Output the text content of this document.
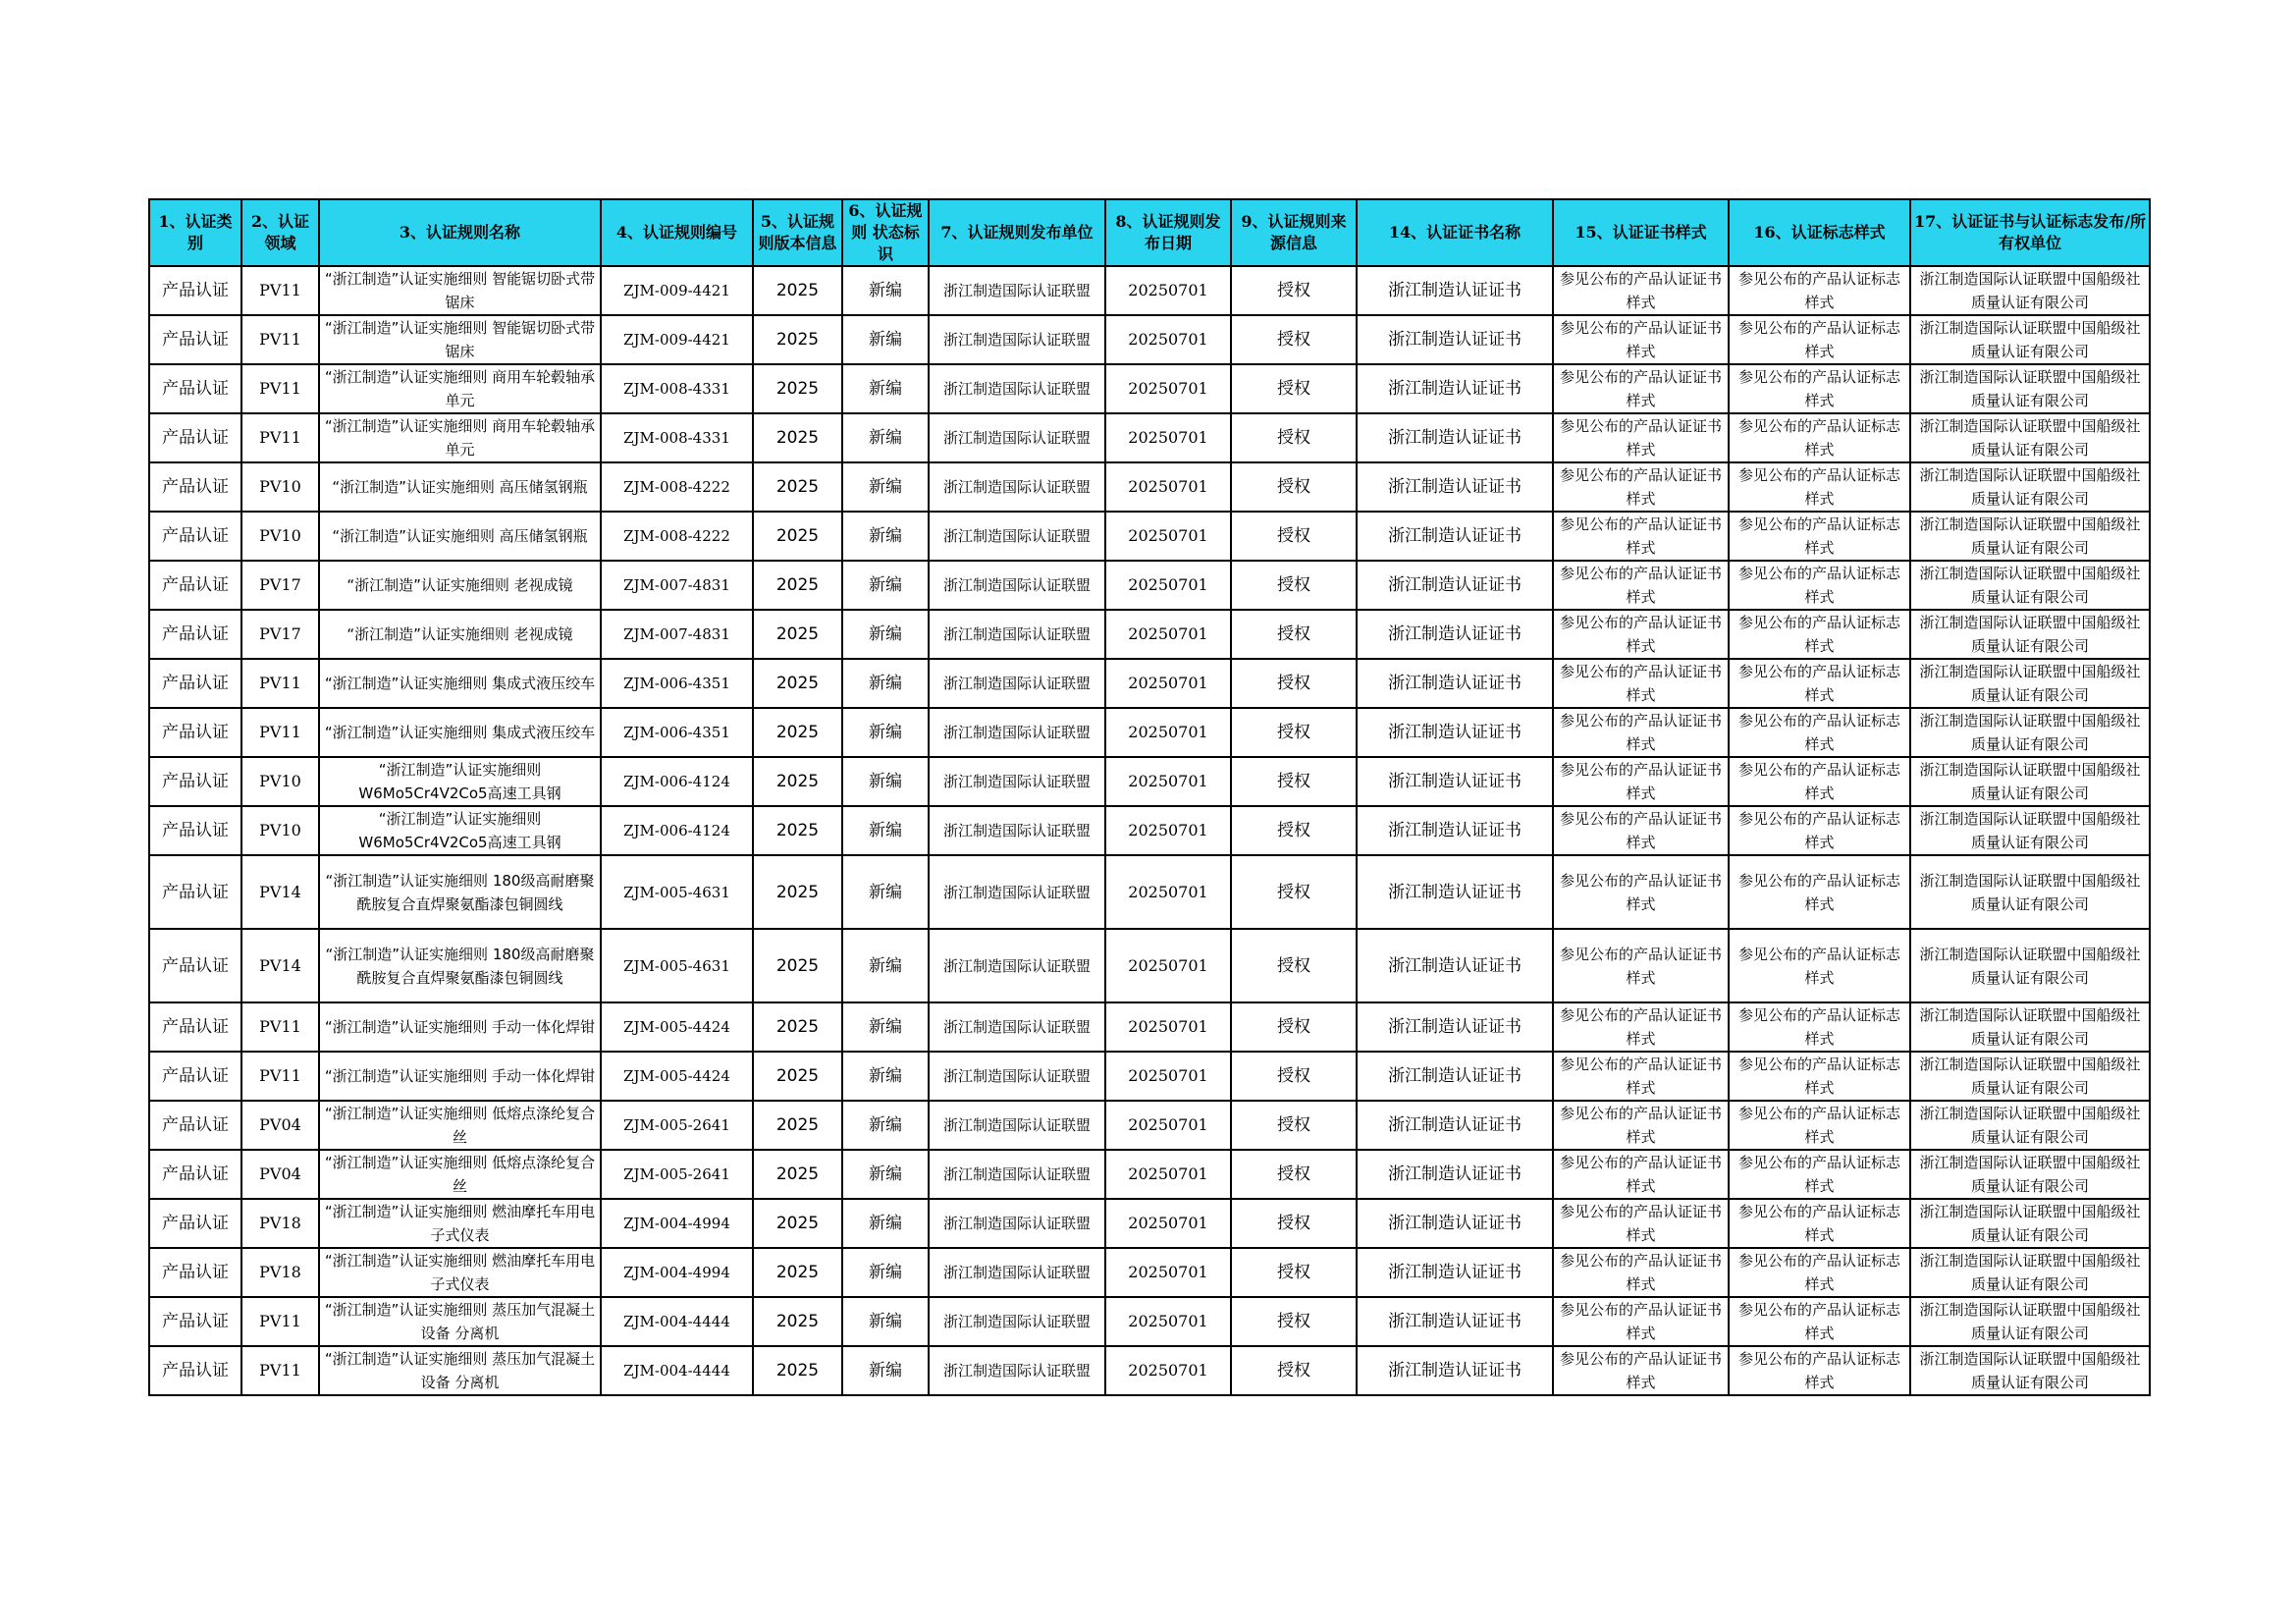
1、认证类别	2、认证领域	3、认证规则名称	4、认证规则编号	5、认证规则版本信息	6、认证规则 状态标识	7、认证规则发布单位	8、认证规则发布日期	9、认证规则来源信息	14、认证证书名称	15、认证证书样式	16、认证标志样式	17、认证证书与认证标志发布/所有权单位
产品认证	PV11	“浙江制造”认证实施细则 智能锯切卧式带锯床	ZJM-009-4421	2025	新编	浙江制造国际认证联盟	20250701	授权	浙江制造认证证书	参见公布的产品认证证书样式	参见公布的产品认证标志样式	浙江制造国际认证联盟中国船级社质量认证有限公司
产品认证	PV11	“浙江制造”认证实施细则 智能锯切卧式带锯床	ZJM-009-4421	2025	新编	浙江制造国际认证联盟	20250701	授权	浙江制造认证证书	参见公布的产品认证证书样式	参见公布的产品认证标志样式	浙江制造国际认证联盟中国船级社质量认证有限公司
产品认证	PV11	“浙江制造”认证实施细则 商用车轮毂轴承单元	ZJM-008-4331	2025	新编	浙江制造国际认证联盟	20250701	授权	浙江制造认证证书	参见公布的产品认证证书样式	参见公布的产品认证标志样式	浙江制造国际认证联盟中国船级社质量认证有限公司
产品认证	PV11	“浙江制造”认证实施细则 商用车轮毂轴承单元	ZJM-008-4331	2025	新编	浙江制造国际认证联盟	20250701	授权	浙江制造认证证书	参见公布的产品认证证书样式	参见公布的产品认证标志样式	浙江制造国际认证联盟中国船级社质量认证有限公司
产品认证	PV10	“浙江制造”认证实施细则 高压储氢钢瓶	ZJM-008-4222	2025	新编	浙江制造国际认证联盟	20250701	授权	浙江制造认证证书	参见公布的产品认证证书样式	参见公布的产品认证标志样式	浙江制造国际认证联盟中国船级社质量认证有限公司
产品认证	PV10	“浙江制造”认证实施细则 高压储氢钢瓶	ZJM-008-4222	2025	新编	浙江制造国际认证联盟	20250701	授权	浙江制造认证证书	参见公布的产品认证证书样式	参见公布的产品认证标志样式	浙江制造国际认证联盟中国船级社质量认证有限公司
产品认证	PV17	“浙江制造”认证实施细则 老视成镜	ZJM-007-4831	2025	新编	浙江制造国际认证联盟	20250701	授权	浙江制造认证证书	参见公布的产品认证证书样式	参见公布的产品认证标志样式	浙江制造国际认证联盟中国船级社质量认证有限公司
产品认证	PV17	“浙江制造”认证实施细则 老视成镜	ZJM-007-4831	2025	新编	浙江制造国际认证联盟	20250701	授权	浙江制造认证证书	参见公布的产品认证证书样式	参见公布的产品认证标志样式	浙江制造国际认证联盟中国船级社质量认证有限公司
产品认证	PV11	“浙江制造”认证实施细则 集成式液压绞车	ZJM-006-4351	2025	新编	浙江制造国际认证联盟	20250701	授权	浙江制造认证证书	参见公布的产品认证证书样式	参见公布的产品认证标志样式	浙江制造国际认证联盟中国船级社质量认证有限公司
产品认证	PV11	“浙江制造”认证实施细则 集成式液压绞车	ZJM-006-4351	2025	新编	浙江制造国际认证联盟	20250701	授权	浙江制造认证证书	参见公布的产品认证证书样式	参见公布的产品认证标志样式	浙江制造国际认证联盟中国船级社质量认证有限公司
产品认证	PV10	“浙江制造”认证实施细则 W6Mo5Cr4V2Co5高速工具钢	ZJM-006-4124	2025	新编	浙江制造国际认证联盟	20250701	授权	浙江制造认证证书	参见公布的产品认证证书样式	参见公布的产品认证标志样式	浙江制造国际认证联盟中国船级社质量认证有限公司
产品认证	PV10	“浙江制造”认证实施细则 W6Mo5Cr4V2Co5高速工具钢	ZJM-006-4124	2025	新编	浙江制造国际认证联盟	20250701	授权	浙江制造认证证书	参见公布的产品认证证书样式	参见公布的产品认证标志样式	浙江制造国际认证联盟中国船级社质量认证有限公司
产品认证	PV14	“浙江制造”认证实施细则 180级高耐磨聚酰胺复合直焊聚氨酯漆包铜圆线	ZJM-005-4631	2025	新编	浙江制造国际认证联盟	20250701	授权	浙江制造认证证书	参见公布的产品认证证书样式	参见公布的产品认证标志样式	浙江制造国际认证联盟中国船级社质量认证有限公司
产品认证	PV14	“浙江制造”认证实施细则 180级高耐磨聚酰胺复合直焊聚氨酯漆包铜圆线	ZJM-005-4631	2025	新编	浙江制造国际认证联盟	20250701	授权	浙江制造认证证书	参见公布的产品认证证书样式	参见公布的产品认证标志样式	浙江制造国际认证联盟中国船级社质量认证有限公司
产品认证	PV11	“浙江制造”认证实施细则 手动一体化焊钳	ZJM-005-4424	2025	新编	浙江制造国际认证联盟	20250701	授权	浙江制造认证证书	参见公布的产品认证证书样式	参见公布的产品认证标志样式	浙江制造国际认证联盟中国船级社质量认证有限公司
产品认证	PV11	“浙江制造”认证实施细则 手动一体化焊钳	ZJM-005-4424	2025	新编	浙江制造国际认证联盟	20250701	授权	浙江制造认证证书	参见公布的产品认证证书样式	参见公布的产品认证标志样式	浙江制造国际认证联盟中国船级社质量认证有限公司
产品认证	PV04	“浙江制造”认证实施细则 低熔点涤纶复合丝	ZJM-005-2641	2025	新编	浙江制造国际认证联盟	20250701	授权	浙江制造认证证书	参见公布的产品认证证书样式	参见公布的产品认证标志样式	浙江制造国际认证联盟中国船级社质量认证有限公司
产品认证	PV04	“浙江制造”认证实施细则 低熔点涤纶复合丝	ZJM-005-2641	2025	新编	浙江制造国际认证联盟	20250701	授权	浙江制造认证证书	参见公布的产品认证证书样式	参见公布的产品认证标志样式	浙江制造国际认证联盟中国船级社质量认证有限公司
产品认证	PV18	“浙江制造”认证实施细则 燃油摩托车用电子式仪表	ZJM-004-4994	2025	新编	浙江制造国际认证联盟	20250701	授权	浙江制造认证证书	参见公布的产品认证证书样式	参见公布的产品认证标志样式	浙江制造国际认证联盟中国船级社质量认证有限公司
产品认证	PV18	“浙江制造”认证实施细则 燃油摩托车用电子式仪表	ZJM-004-4994	2025	新编	浙江制造国际认证联盟	20250701	授权	浙江制造认证证书	参见公布的产品认证证书样式	参见公布的产品认证标志样式	浙江制造国际认证联盟中国船级社质量认证有限公司
产品认证	PV11	“浙江制造”认证实施细则 蒸压加气混凝土设备 分离机	ZJM-004-4444	2025	新编	浙江制造国际认证联盟	20250701	授权	浙江制造认证证书	参见公布的产品认证证书样式	参见公布的产品认证标志样式	浙江制造国际认证联盟中国船级社质量认证有限公司
产品认证	PV11	“浙江制造”认证实施细则 蒸压加气混凝土设备 分离机	ZJM-004-4444	2025	新编	浙江制造国际认证联盟	20250701	授权	浙江制造认证证书	参见公布的产品认证证书样式	参见公布的产品认证标志样式	浙江制造国际认证联盟中国船级社质量认证有限公司
